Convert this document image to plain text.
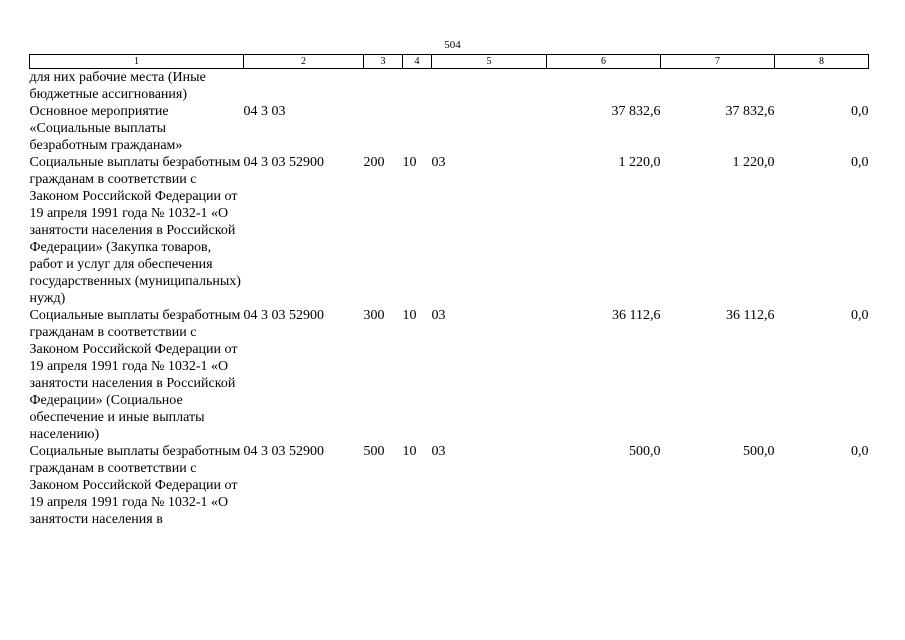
504
1	2	3	4	5	6	7	8
для них рабочие места (Иные бюджетные ассигнования)							
Основное мероприятие «Социальные выплаты безработным гражданам»	04 3 03				37 832,6	37 832,6	0,0
Социальные выплаты безработным гражданам в соответствии с Законом Российской Федерации от 19 апреля 1991 года № 1032-1 «О занятости населения в Российской Федерации» (Закупка товаров, работ и услуг для обеспечения государственных (муниципальных) нужд)	04 3 03 52900	200	10	03	1 220,0	1 220,0	0,0
Социальные выплаты безработным гражданам в соответствии с Законом Российской Федерации от 19 апреля 1991 года № 1032-1 «О занятости населения в Российской Федерации» (Социальное обеспечение и иные выплаты населению)	04 3 03 52900	300	10	03	36 112,6	36 112,6	0,0
Социальные выплаты безработным гражданам в соответствии с Законом Российской Федерации от 19 апреля 1991 года № 1032-1 «О занятости населения в	04 3 03 52900	500	10	03	500,0	500,0	0,0
